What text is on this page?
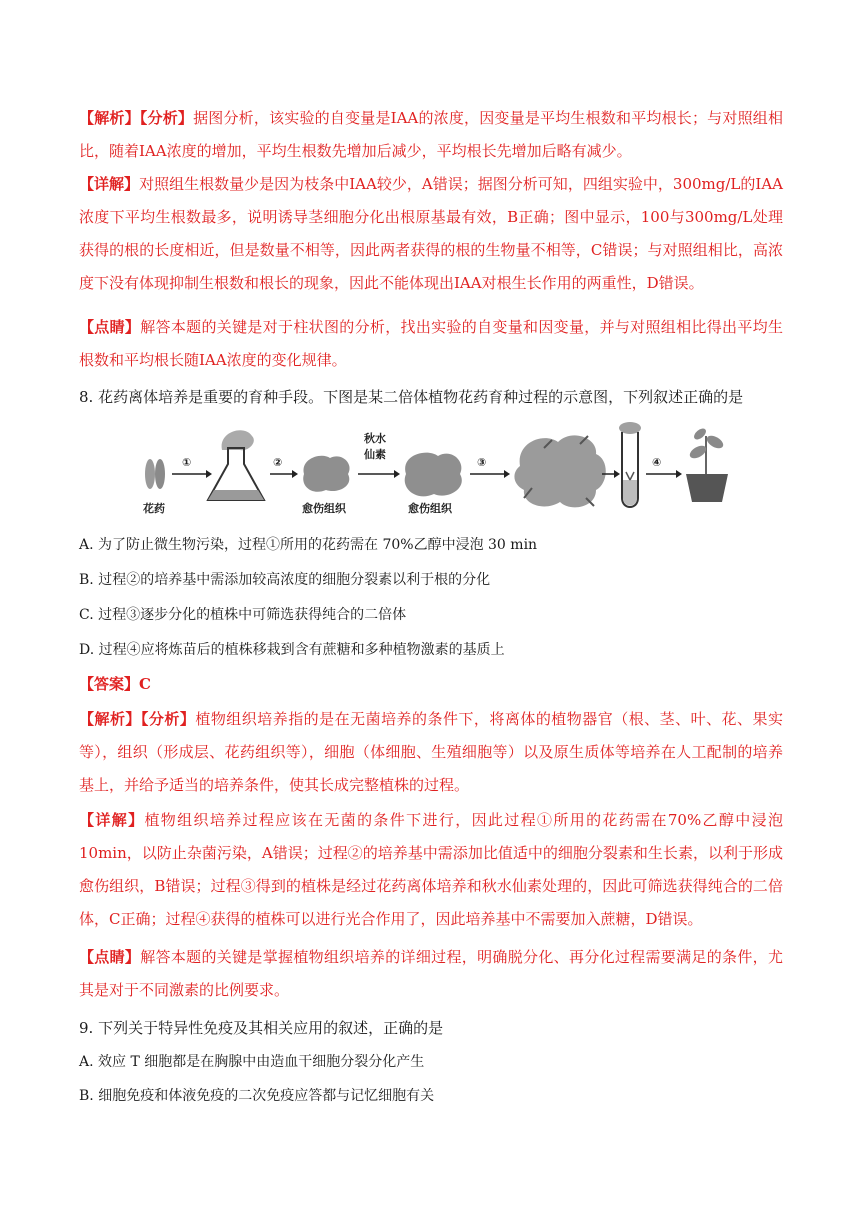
【解析】【分析】据图分析，该实验的自变量是IAA的浓度，因变量是平均生根数和平均根长；与对照组相比，随着IAA浓度的增加，平均生根数先增加后减少，平均根长先增加后略有减少。
【详解】对照组生根数量少是因为枝条中IAA较少，A错误；据图分析可知，四组实验中，300mg/L的IAA浓度下平均生根数最多，说明诱导茎细胞分化出根原基最有效，B正确；图中显示，100与300mg/L处理获得的根的长度相近，但是数量不相等，因此两者获得的根的生物量不相等，C错误；与对照组相比，高浓度下没有体现抑制生根数和根长的现象，因此不能体现出IAA对根生长作用的两重性，D错误。
【点睛】解答本题的关键是对于柱状图的分析，找出实验的自变量和因变量，并与对照组相比得出平均生根数和平均根长随IAA浓度的变化规律。
8. 花药离体培养是重要的育种手段。下图是某二倍体植物花药育种过程的示意图，下列叙述正确的是
花药
①	②
愈伤组织
秋水
仙素
愈伤组织
③	④
A. 为了防止微生物污染，过程①所用的花药需在 70%乙醇中浸泡 30 min
B. 过程②的培养基中需添加较高浓度的细胞分裂素以利于根的分化
C. 过程③逐步分化的植株中可筛选获得纯合的二倍体
D. 过程④应将炼苗后的植株移栽到含有蔗糖和多种植物激素的基质上
【答案】C
【解析】【分析】植物组织培养指的是在无菌培养的条件下，将离体的植物器官（根、茎、叶、花、果实等），组织（形成层、花药组织等），细胞（体细胞、生殖细胞等）以及原生质体等培养在人工配制的培养基上，并给予适当的培养条件，使其长成完整植株的过程。
【详解】植物组织培养过程应该在无菌的条件下进行，因此过程①所用的花药需在70%乙醇中浸泡10min，以防止杂菌污染，A错误；过程②的培养基中需添加比值适中的细胞分裂素和生长素，以利于形成愈伤组织，B错误；过程③得到的植株是经过花药离体培养和秋水仙素处理的，因此可筛选获得纯合的二倍体，C正确；过程④获得的植株可以进行光合作用了，因此培养基中不需要加入蔗糖，D错误。
【点睛】解答本题的关键是掌握植物组织培养的详细过程，明确脱分化、再分化过程需要满足的条件，尤其是对于不同激素的比例要求。
9. 下列关于特异性免疫及其相关应用的叙述，正确的是
A. 效应 T 细胞都是在胸腺中由造血干细胞分裂分化产生
B. 细胞免疫和体液免疫的二次免疫应答都与记忆细胞有关
